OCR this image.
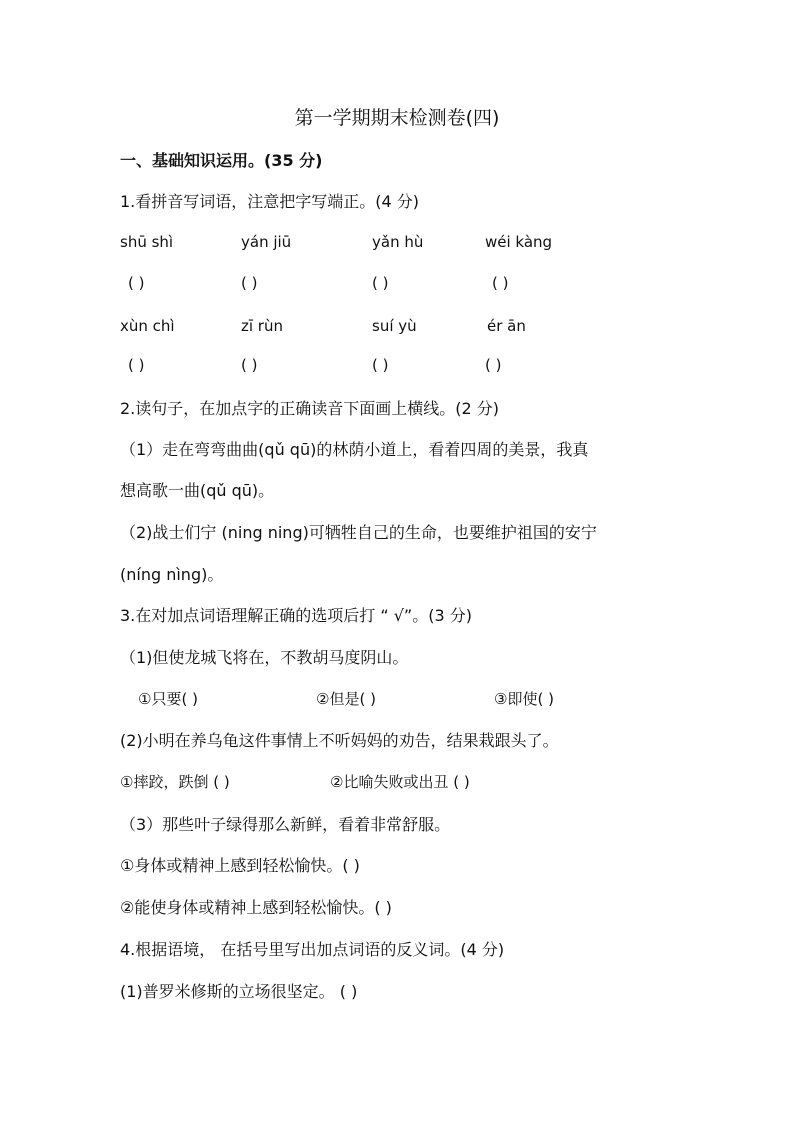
第一学期期末检测卷(四)
一、基础知识运用。(35 分)
1.看拼音写词语，注意把字写端正。(4 分)
shū shì	yán jiū	yǎn hù	wéi kàng
( )	( )	( )	( )
xùn chì	zī rùn	suí yù	ér ān
( )	( )	( )	( )
2.读句子，在加点字的正确读音下面画上横线。(2 分)
（1）走在弯弯曲曲(qǔ qū)的林荫小道上，看着四周的美景，我真
想高歌一曲(qǔ qū)。
（2)战士们宁 (ning ning)可牺牲自己的生命，也要维护祖国的安宁
(níng nìng)。
3.在对加点词语理解正确的选项后打 “ √”。(3 分)
（1)但使龙城飞将在，不教胡马度阴山。
①只要( )	②但是( )	③即使( )
(2)小明在养乌龟这件事情上不听妈妈的劝告，结果栽跟头了。
①摔跤，跌倒 ( )	②比喻失败或出丑 ( )
（3）那些叶子绿得那么新鲜，看着非常舒服。
①身体或精神上感到轻松愉快。( )
②能使身体或精神上感到轻松愉快。( )
4.根据语境， 在括号里写出加点词语的反义词。(4 分)
(1)普罗米修斯的立场很坚定。 ( )
